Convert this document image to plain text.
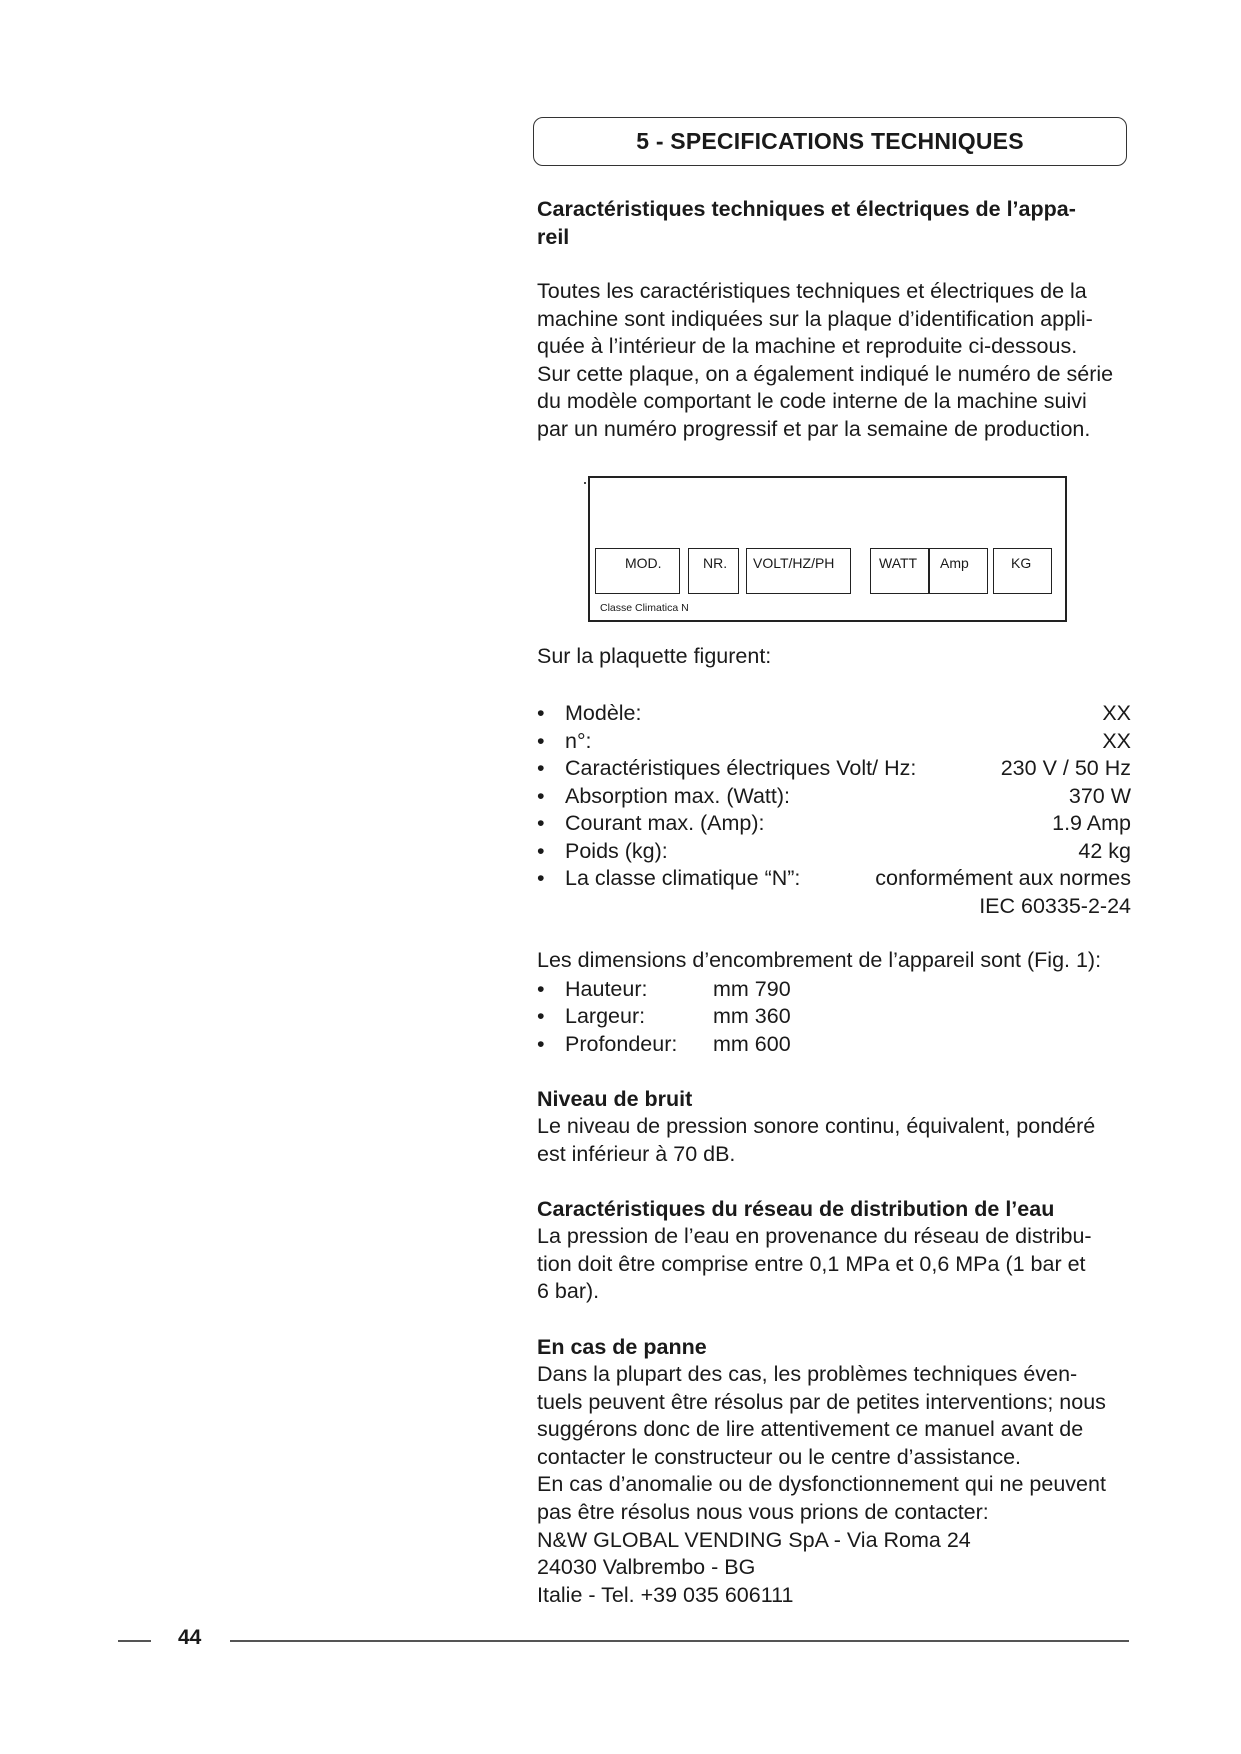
5 - SPECIFICATIONS TECHNIQUES

Caractéristiques techniques et électriques de l’appa-

reil

Toutes les caractéristiques techniques et électriques de la

machine sont indiquées sur la plaque d’identification appli-

quée à l’intérieur de la machine et reproduite ci-dessous.

Sur cette plaque, on a également indiqué le numéro de série

du modèle comportant le code interne de la machine suivi

par un numéro progressif et par la semaine de production.

MOD.	NR. VOLT/HZ/PH	WATT Amp	KG
Classe Climatica N

Sur la plaquette figurent:

• Modèle:	XX
• n°:	XX
• Caractéristiques électriques Volt/ Hz:	230 V / 50 Hz
• Absorption max. (Watt):	370 W
• Courant max. (Amp):	1.9 Amp
• Poids (kg):	42 kg
• La classe climatique “N”:	conformément aux normes
IEC 60335-2-24

Les dimensions d’encombrement de l’appareil sont (Fig. 1):

• Hauteur:	mm 790
• Largeur:	mm 360
• Profondeur: mm 600

Niveau de bruit

Le niveau de pression sonore continu, équivalent, pondéré

est inférieur à 70 dB.

Caractéristiques du réseau de distribution de l’eau

La pression de l’eau en provenance du réseau de distribu-

tion doit être comprise entre 0,1 MPa et 0,6 MPa (1 bar et

6 bar).

En cas de panne

Dans la plupart des cas, les problèmes techniques éven-

tuels peuvent être résolus par de petites interventions; nous

suggérons donc de lire attentivement ce manuel avant de

contacter le constructeur ou le centre d’assistance.

En cas d’anomalie ou de dysfonctionnement qui ne peuvent

pas être résolus nous vous prions de contacter:

N&W GLOBAL VENDING SpA - Via Roma 24

24030 Valbrembo - BG

Italie - Tel. +39 035 606111

44
